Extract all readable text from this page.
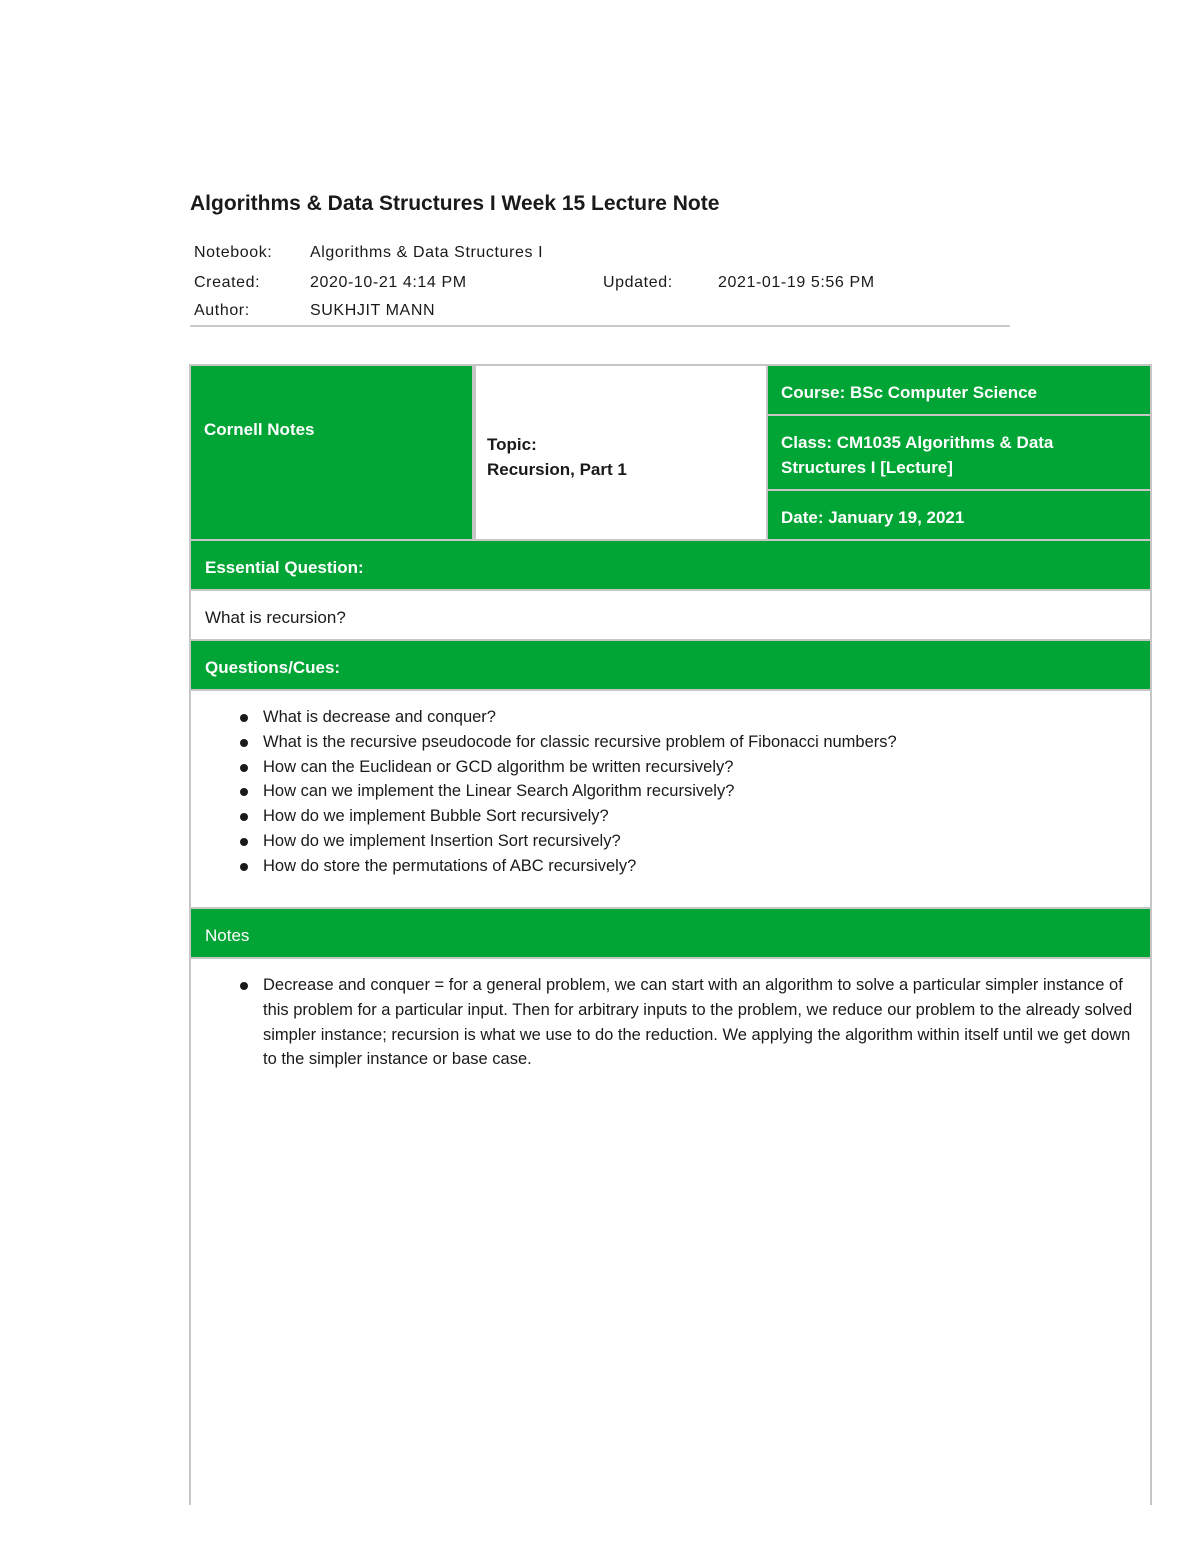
Algorithms & Data Structures I Week 15 Lecture Note
Notebook: Algorithms & Data Structures I
Created:	2020-10-21 4:14 PM	Updated:	2021-01-19 5:56 PM
Author:	SUKHJIT MANN
Cornell Notes
Topic:
Recursion, Part 1
Course: BSc Computer Science
Class: CM1035 Algorithms & Data Structures I [Lecture]
Date: January 19, 2021
Essential Question:
What is recursion?
Questions/Cues:
What is decrease and conquer?
What is the recursive pseudocode for classic recursive problem of Fibonacci numbers?
How can the Euclidean or GCD algorithm be written recursively?
How can we implement the Linear Search Algorithm recursively?
How do we implement Bubble Sort recursively?
How do we implement Insertion Sort recursively?
How do store the permutations of ABC recursively?
Notes
Decrease and conquer = for a general problem, we can start with an algorithm to solve a particular simpler instance of this problem for a particular input. Then for arbitrary inputs to the problem, we reduce our problem to the already solved simpler instance; recursion is what we use to do the reduction. We applying the algorithm within itself until we get down to the simpler instance or base case.
